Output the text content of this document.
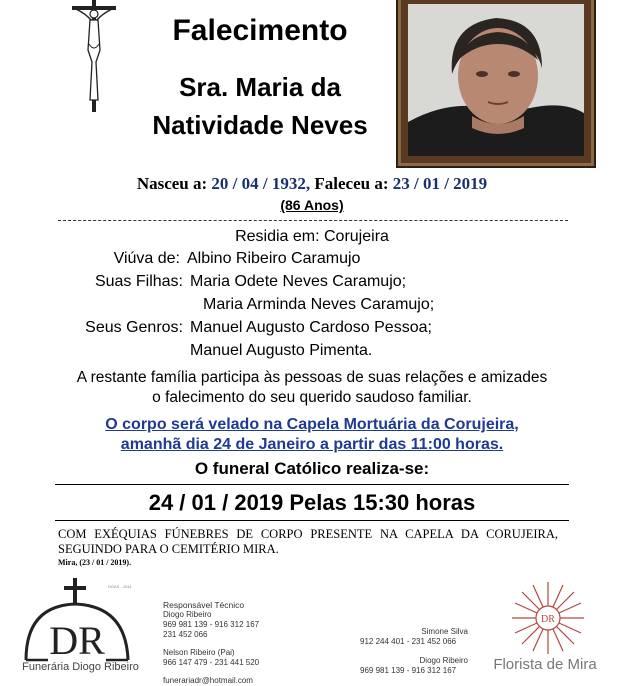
Falecimento
Sra. Maria da
Natividade Neves
Nasceu a: 20 / 04 / 1932, Faleceu a: 23 / 01 / 2019
(86 Anos)
Residia em: Corujeira
Viúva de: Albino Ribeiro Caramujo
Suas Filhas: Maria Odete Neves Caramujo;
Maria Arminda Neves Caramujo;
Seus Genros: Manuel Augusto Cardoso Pessoa;
Manuel Augusto Pimenta.
A restante família participa às pessoas de suas relações e amizades
o falecimento do seu querido saudoso familiar.
O corpo será velado na Capela Mortuária da Corujeira,
amanhã dia 24 de Janeiro a partir das 11:00 horas.
O funeral Católico realiza-se:
24 / 01 / 2019 Pelas 15:30 horas
COM EXÉQUIAS FÚNEBRES DE CORPO PRESENTE NA CAPELA DA CORUJEIRA, SEGUINDO PARA O CEMITÉRIO MIRA.
Mira, (23 / 01 / 2019).
DR
DGAS - 2041
Funerária Diogo Ribeiro
Responsável Técnico
Diogo Ribeiro
969 981 139 - 916 312 167
231 452 066
Nelson Ribeiro (Pai)
966 147 479 - 231 441 520
funerariadr@hotmail.com
Simone Silva
912 244 401 - 231 452 066
Diogo Ribeiro
969 981 139 - 916 312 167
DR
Florista de Mira
